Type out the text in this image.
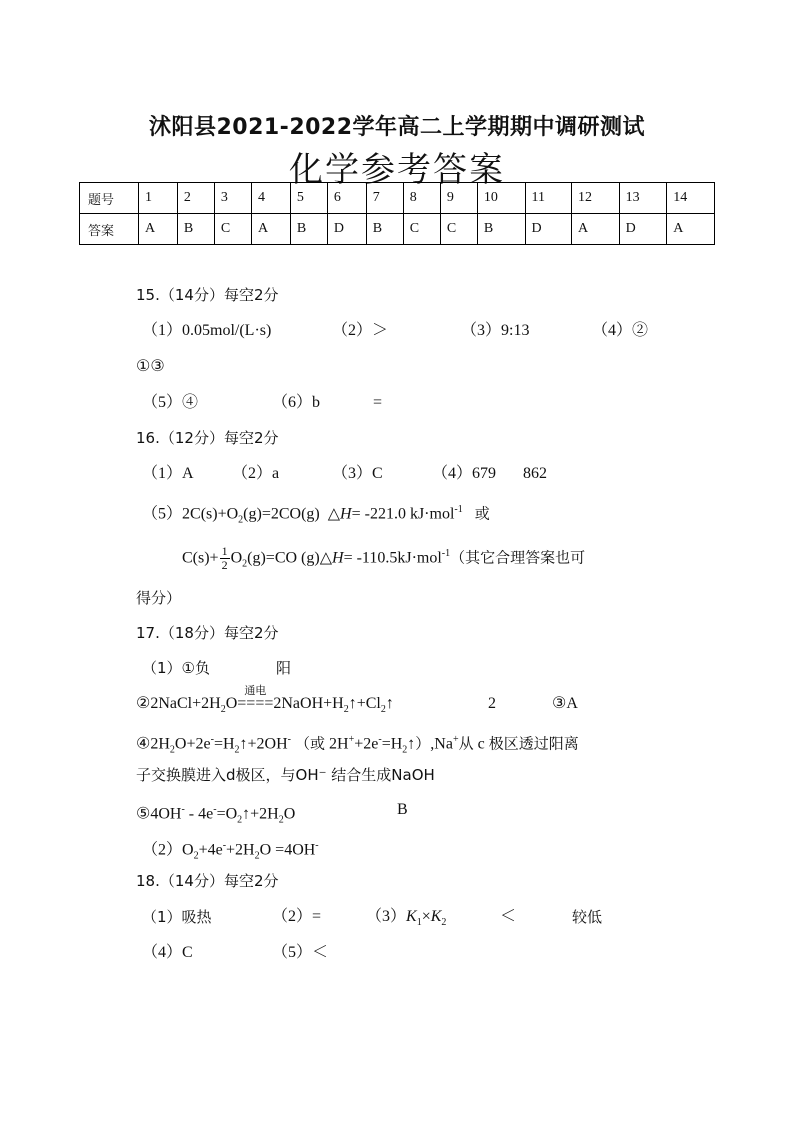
沭阳县2021-2022学年高二上学期期中调研测试
化学参考答案
题号	1	2	3	4	5	6	7	8	9	10	11	12	13	14
答案	A	B	C	A	B	D	B	C	C	B	D	A	D	A
15.（14分）每空2分
（1）0.05mol/(L·s)	（2）＞	（3）9:13	（4）②
①③
（5）④	（6）b	=
16.（12分）每空2分
（1）A （2）a	（3）C	（4）679 862
$(5)2C(s)+O_2(g)=2CO(g)$  △H= -221.0 kJ·mol$^{-1}$ 或
$C(s)+ \frac{1}{2} O_2(g)=CO$ (g)△H= -110.5kJ·mol$^{-1}$（其它合理答案也可
得分）
17.（18分）每空2分
（1）①负	阳
$②2NaCl+2H_2O$
通电
$====2NaOH+H_2↑+Cl_2↑$	2	③A
$④2H_2O+2e^-=H_2↑+2OH^-$ （或 $2H^++2e^-=H_2↑),Na^+$从 c 极区透过阳离
子交换膜进入d极区，与OH⁻ 结合生成NaOH
⑤4OH- - $4e^-=O_2↑+2H_2O$	B
$(2)O_2+4e^-+2H_2O =4OH^-$
18.（14分）每空2分
（1）吸热	（2）=	$(3)K_1\times K_2$	＜	较低
（4）C	（5）＜
